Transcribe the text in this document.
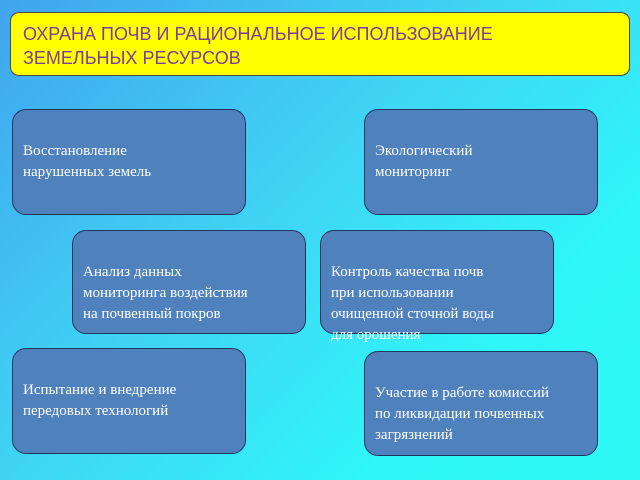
ОХРАНА ПОЧВ И РАЦИОНАЛЬНОЕ ИСПОЛЬЗОВАНИЕ
ЗЕМЕЛЬНЫХ РЕСУРСОВ

Восстановление
нарушенных земель

Экологический
мониторинг

Анализ данных
мониторинга воздействия
на почвенный покров

Контроль качества почв
при использовании
очищенной сточной воды
для орошения

Испытание и внедрение
передовых технологий

Участие в работе комиссий
по ликвидации почвенных
загрязнений
